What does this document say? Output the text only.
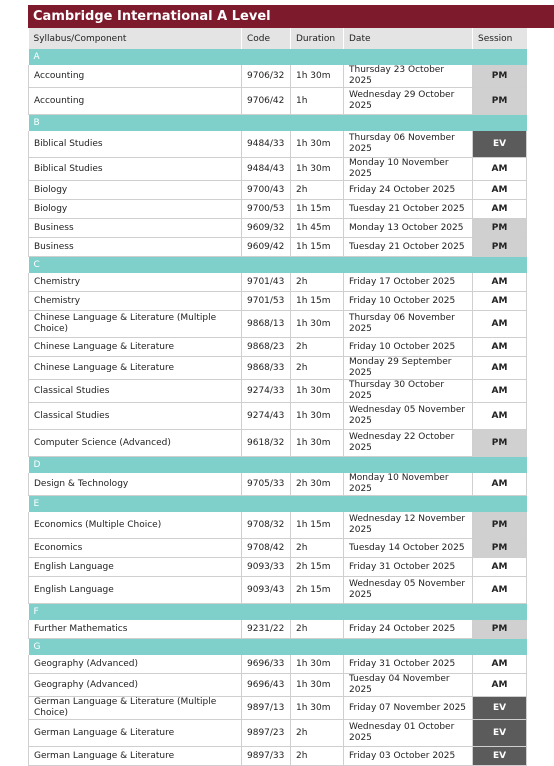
Cambridge International A Level
Syllabus/Component	Code	Duration	Date	Session
A				
Accounting	9706/32	1h 30m	Thursday 23 October 2025	PM
Accounting	9706/42	1h	Wednesday 29 October 2025	PM
B				
Biblical Studies	9484/33	1h 30m	Thursday 06 November 2025	EV
Biblical Studies	9484/43	1h 30m	Monday 10 November 2025	AM
Biology	9700/43	2h	Friday 24 October 2025	AM
Biology	9700/53	1h 15m	Tuesday 21 October 2025	AM
Business	9609/32	1h 45m	Monday 13 October 2025	PM
Business	9609/42	1h 15m	Tuesday 21 October 2025	PM
C				
Chemistry	9701/43	2h	Friday 17 October 2025	AM
Chemistry	9701/53	1h 15m	Friday 10 October 2025	AM
Chinese Language & Literature (Multiple Choice)	9868/13	1h 30m	Thursday 06 November 2025	AM
Chinese Language & Literature	9868/23	2h	Friday 10 October 2025	AM
Chinese Language & Literature	9868/33	2h	Monday 29 September 2025	AM
Classical Studies	9274/33	1h 30m	Thursday 30 October 2025	AM
Classical Studies	9274/43	1h 30m	Wednesday 05 November 2025	AM
Computer Science (Advanced)	9618/32	1h 30m	Wednesday 22 October 2025	PM
D				
Design & Technology	9705/33	2h 30m	Monday 10 November 2025	AM
E				
Economics (Multiple Choice)	9708/32	1h 15m	Wednesday 12 November 2025	PM
Economics	9708/42	2h	Tuesday 14 October 2025	PM
English Language	9093/33	2h 15m	Friday 31 October 2025	AM
English Language	9093/43	2h 15m	Wednesday 05 November 2025	AM
F				
Further Mathematics	9231/22	2h	Friday 24 October 2025	PM
G				
Geography (Advanced)	9696/33	1h 30m	Friday 31 October 2025	AM
Geography (Advanced)	9696/43	1h 30m	Tuesday 04 November 2025	AM
German Language & Literature (Multiple Choice)	9897/13	1h 30m	Friday 07 November 2025	EV
German Language & Literature	9897/23	2h	Wednesday 01 October 2025	EV
German Language & Literature	9897/33	2h	Friday 03 October 2025	EV
